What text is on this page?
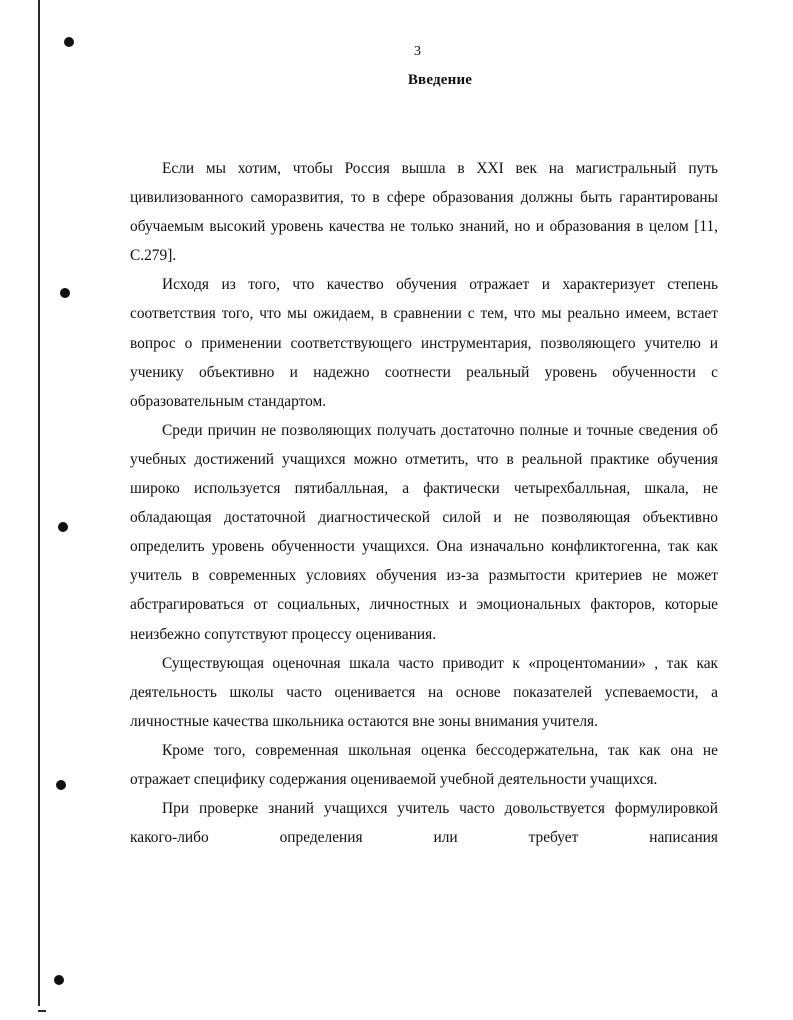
3
Введение

Если мы хотим, чтобы Россия вышла в XXI век на магистральный путь цивилизованного саморазвития, то в сфере образования должны быть гарантированы обучаемым высокий уровень качества не только знаний, но и образования в целом [11, С.279].

Исходя из того, что качество обучения отражает и характеризует степень соответствия того, что мы ожидаем, в сравнении с тем, что мы реально имеем, встает вопрос о применении соответствующего инструментария, позволяющего учителю и ученику объективно и надежно соотнести реальный уровень обученности с образовательным стандартом.

Среди причин не позволяющих получать достаточно полные и точные сведения об учебных достижений учащихся можно отметить, что в реальной практике обучения широко используется пятибалльная, а фактически четырехбалльная, шкала, не обладающая достаточной диагностической силой и не позволяющая объективно определить уровень обученности учащихся. Она изначально конфликтогенна, так как учитель в современных условиях обучения из-за размытости критериев не может абстрагироваться от социальных, личностных и эмоциональных факторов, которые неизбежно сопутствуют процессу оценивания.

Существующая оценочная шкала часто приводит к «процентомании» , так как деятельность школы часто оценивается на основе показателей успеваемости, а личностные качества школьника остаются вне зоны внимания учителя.

Кроме того, современная школьная оценка бессодержательна, так как она не отражает специфику содержания оцениваемой учебной деятельности учащихся.

При проверке знаний учащихся учитель часто довольствуется формулировкой какого-либо определения или требует написания
